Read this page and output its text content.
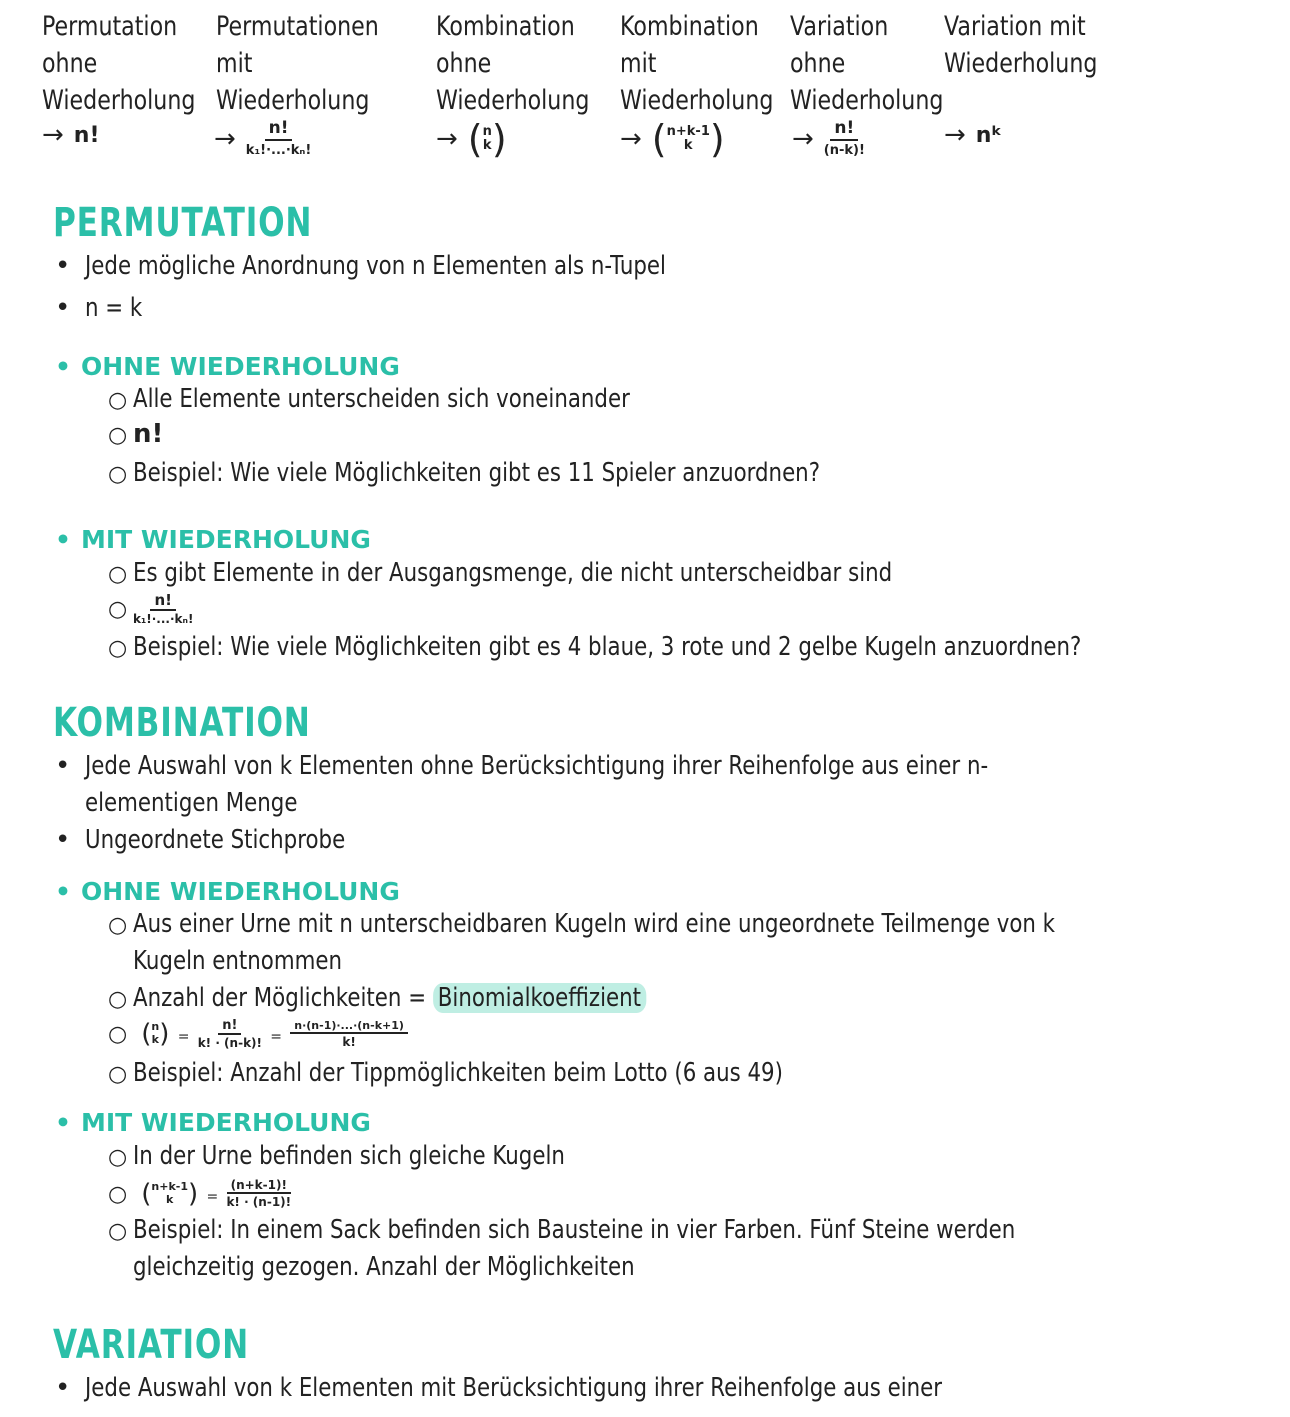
Permutation
ohne
Wiederholung
→ n!
Permutationen
mit
Wiederholung
→ $\frac{n!}{\text{k₁!·...·kₙ!}}$
Kombination
ohne
Wiederholung
→ ( n
k )
Kombination
mit
Wiederholung
→ ( n+k-1
k )
Variation
ohne
Wiederholung
→ $\frac{n!}{(n-k)!}$
Variation mit
Wiederholung
→ nᵏ
PERMUTATION
• Jede mögliche Anordnung von n Elementen als n-Tupel
• n = k
• OHNE WIEDERHOLUNG
○ Alle Elemente unterscheiden sich voneinander
○ n!
○ Beispiel: Wie viele Möglichkeiten gibt es 11 Spieler anzuordnen?
• MIT WIEDERHOLUNG
○ Es gibt Elemente in der Ausgangsmenge, die nicht unterscheidbar sind
○ $\frac{n!}{\text{k₁!·...·kₙ!}}$
○ Beispiel: Wie viele Möglichkeiten gibt es 4 blaue, 3 rote und 2 gelbe Kugeln anzuordnen?
KOMBINATION
• Jede Auswahl von k Elementen ohne Berücksichtigung ihrer Reihenfolge aus einer n-
elementigen Menge
• Ungeordnete Stichprobe
• OHNE WIEDERHOLUNG
○ Aus einer Urne mit n unterscheidbaren Kugeln wird eine ungeordnete Teilmenge von k
Kugeln entnommen
○ Anzahl der Möglichkeiten = Binomialkoeffizient
○ ( n
k ) = $\frac{n!}{k! \cdot (n-k)!} = \frac{n\cdot(n-1)\cdot...\cdot(n-k+1)}{k!}$
○ Beispiel: Anzahl der Tippmöglichkeiten beim Lotto (6 aus 49)
• MIT WIEDERHOLUNG
○ In der Urne befinden sich gleiche Kugeln
○ ( n+k-1
k ) = $\frac{(n+k-1)!}{k! \cdot (n-1)!}$
○ Beispiel: In einem Sack befinden sich Bausteine in vier Farben. Fünf Steine werden
gleichzeitig gezogen. Anzahl der Möglichkeiten
VARIATION
• Jede Auswahl von k Elementen mit Berücksichtigung ihrer Reihenfolge aus einer
